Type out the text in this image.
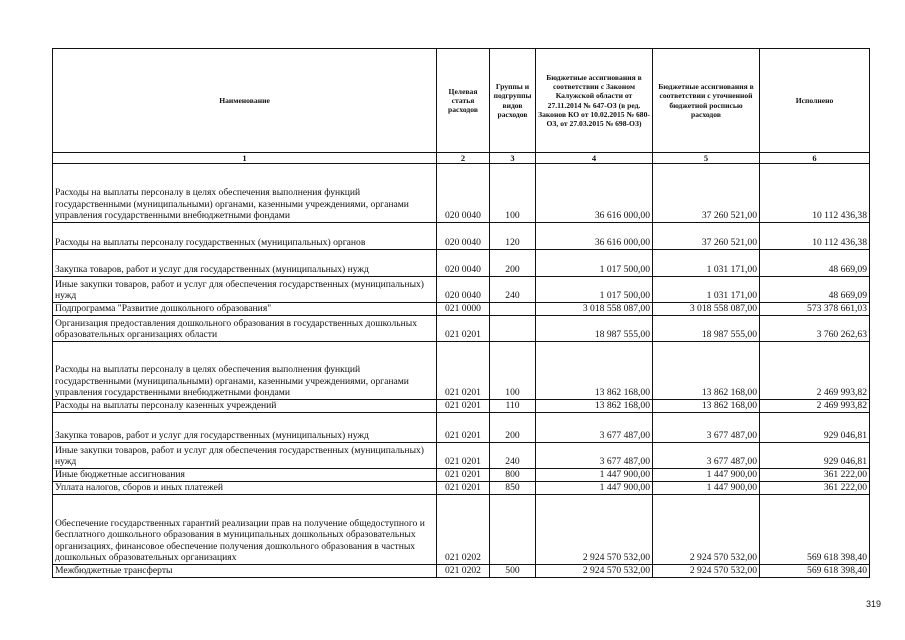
Наименование	Целевая статья расходов	Группы и подгруппы видов расходов	Бюджетные ассигнования в соответствии с Законом Калужской области от 27.11.2014 № 647-ОЗ (в ред. Законов КО от 10.02.2015 № 680-ОЗ, от 27.03.2015 № 698-ОЗ)	Бюджетные ассигнования в соответствии с уточненной бюджетной росписью расходов	Исполнено
1	2	3	4	5	6
Расходы на выплаты персоналу в целях обеспечения выполнения функций государственными (муниципальными) органами, казенными учреждениями, органами управления государственными внебюджетными фондами	020 0040	100	36 616 000,00	37 260 521,00	10 112 436,38
Расходы на выплаты персоналу государственных (муниципальных) органов	020 0040	120	36 616 000,00	37 260 521,00	10 112 436,38
Закупка товаров, работ и услуг для государственных (муниципальных) нужд	020 0040	200	1 017 500,00	1 031 171,00	48 669,09
Иные закупки товаров, работ и услуг для обеспечения государственных (муниципальных) нужд	020 0040	240	1 017 500,00	1 031 171,00	48 669,09
Подпрограмма "Развитие дошкольного образования"	021 0000		3 018 558 087,00	3 018 558 087,00	573 378 661,03
Организация предоставления дошкольного образования в государственных дошкольных образовательных организациях области	021 0201		18 987 555,00	18 987 555,00	3 760 262,63
Расходы на выплаты персоналу в целях обеспечения выполнения функций государственными (муниципальными) органами, казенными учреждениями, органами управления государственными внебюджетными фондами	021 0201	100	13 862 168,00	13 862 168,00	2 469 993,82
Расходы на выплаты персоналу казенных учреждений	021 0201	110	13 862 168,00	13 862 168,00	2 469 993,82
Закупка товаров, работ и услуг для государственных (муниципальных) нужд	021 0201	200	3 677 487,00	3 677 487,00	929 046,81
Иные закупки товаров, работ и услуг для обеспечения государственных (муниципальных) нужд	021 0201	240	3 677 487,00	3 677 487,00	929 046,81
Иные бюджетные ассигнования	021 0201	800	1 447 900,00	1 447 900,00	361 222,00
Уплата налогов, сборов и иных платежей	021 0201	850	1 447 900,00	1 447 900,00	361 222,00
Обеспечение государственных гарантий реализации прав на получение общедоступного и бесплатного дошкольного образования в муниципальных дошкольных образовательных организациях, финансовое обеспечение получения дошкольного образования в частных дошкольных образовательных организациях	021 0202		2 924 570 532,00	2 924 570 532,00	569 618 398,40
Межбюджетные трансферты	021 0202	500	2 924 570 532,00	2 924 570 532,00	569 618 398,40
319
